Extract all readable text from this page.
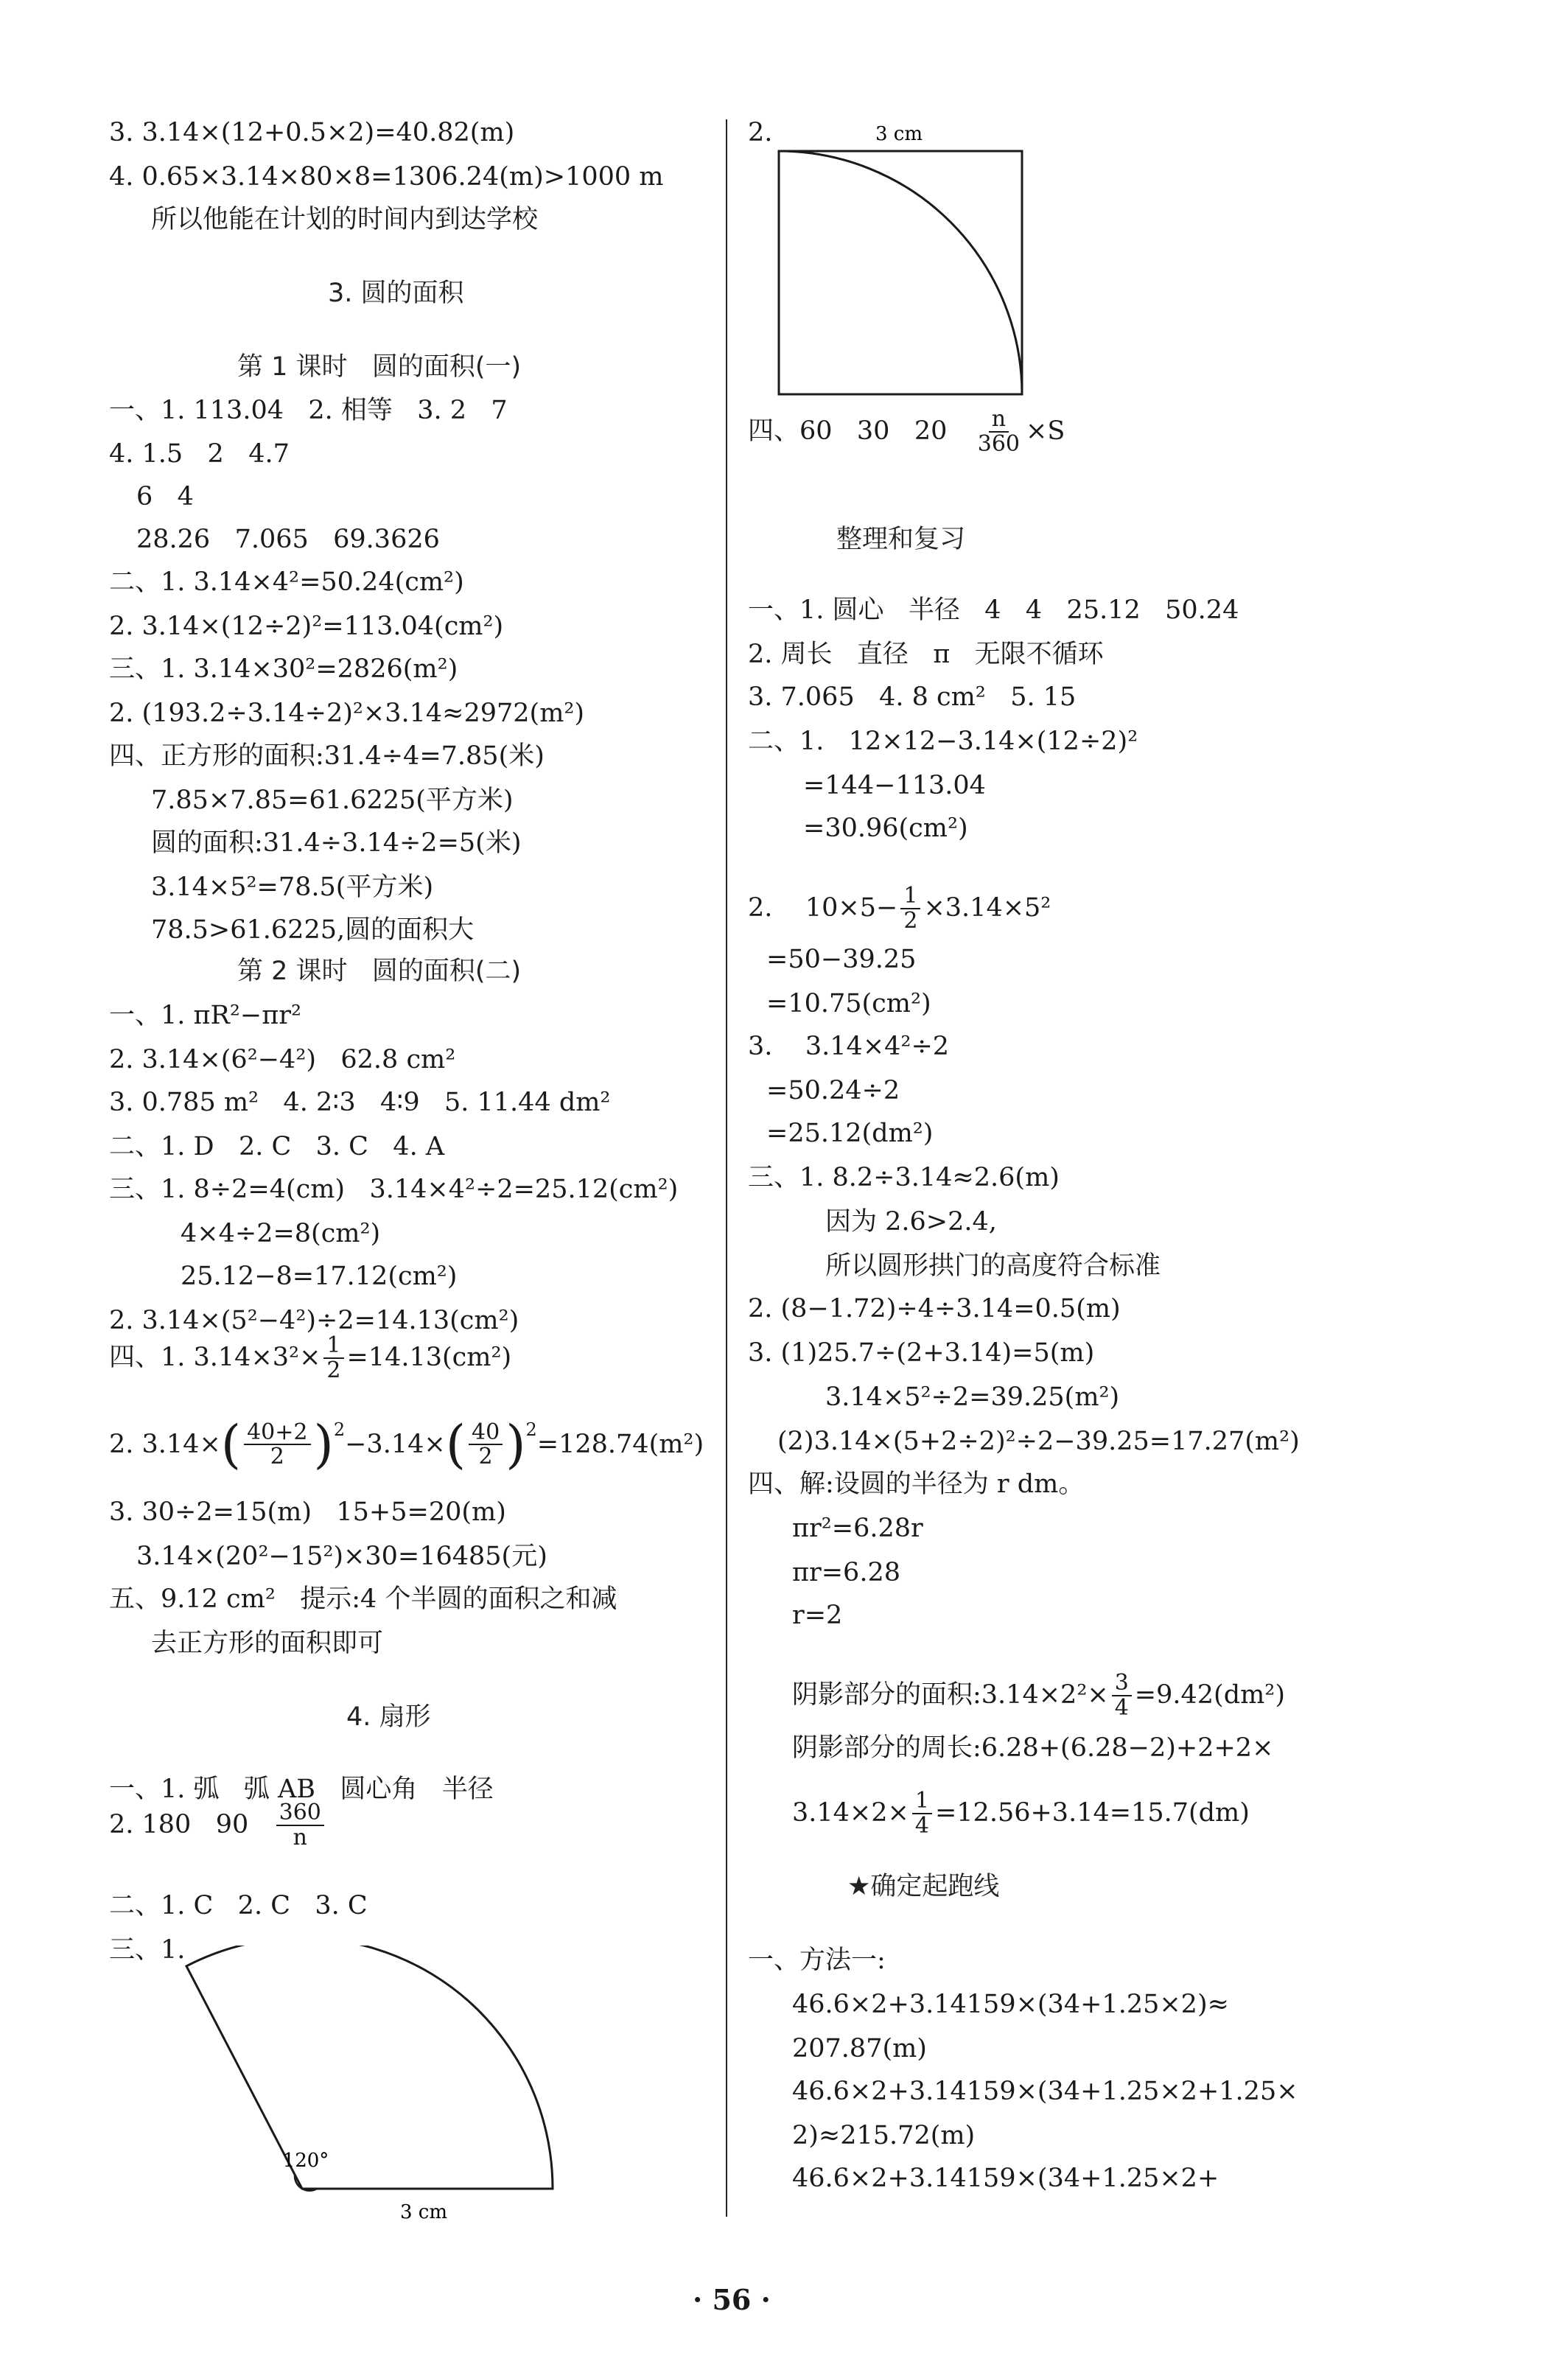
3 cm
120°
3 cm
· 56 ·
3. 3.14×(12+0.5×2)=40.82(m)
4. 0.65×3.14×80×8=1306.24(m)>1000 m
所以他能在计划的时间内到达学校
3. 圆的面积
第 1 课时   圆的面积(一)
一、1. 113.04   2. 相等   3. 2   7
4. 1.5   2   4.7
6   4
28.26   7.065   69.3626
二、1. 3.14×4²=50.24(cm²)
2. 3.14×(12÷2)²=113.04(cm²)
三、1. 3.14×30²=2826(m²)
2. (193.2÷3.14÷2)²×3.14≈2972(m²)
四、正方形的面积:31.4÷4=7.85(米)
7.85×7.85=61.6225(平方米)
圆的面积:31.4÷3.14÷2=5(米)
3.14×5²=78.5(平方米)
78.5>61.6225,圆的面积大
第 2 课时   圆的面积(二)
一、1. πR²−πr²
2. 3.14×(6²−4²)   62.8 cm²
3. 0.785 m²   4. 2∶3   4∶9   5. 11.44 dm²
二、1. D   2. C   3. C   4. A
三、1. 8÷2=4(cm)   3.14×4²÷2=25.12(cm²)
4×4÷2=8(cm²)
25.12−8=17.12(cm²)
2. 3.14×(5²−4²)÷2=14.13(cm²)
3. 30÷2=15(m)   15+5=20(m)
3.14×(20²−15²)×30=16485(元)
五、9.12 cm²   提示:4 个半圆的面积之和减
去正方形的面积即可
4. 扇形
一、1. 弧   弧 AB   圆心角   半径
二、1. C   2. C   3. C
三、1.
2.
整理和复习
一、1. 圆心   半径   4   4   25.12   50.24
2. 周长   直径   π   无限不循环
3. 7.065   4. 8 cm²   5. 15
二、1.   12×12−3.14×(12÷2)²
=144−113.04
=30.96(cm²)
=50−39.25
=10.75(cm²)
3.    3.14×4²÷2
=50.24÷2
=25.12(dm²)
三、1. 8.2÷3.14≈2.6(m)
因为 2.6>2.4,
所以圆形拱门的高度符合标准
2. (8−1.72)÷4÷3.14=0.5(m)
3. (1)25.7÷(2+3.14)=5(m)
3.14×5²÷2=39.25(m²)
(2)3.14×(5+2÷2)²÷2−39.25=17.27(m²)
四、解:设圆的半径为 r dm。
πr²=6.28r
πr=6.28
r=2
阴影部分的周长:6.28+(6.28−2)+2+2×
★确定起跑线
一、方法一:
46.6×2+3.14159×(34+1.25×2)≈
207.87(m)
46.6×2+3.14159×(34+1.25×2+1.25×
2)≈215.72(m)
46.6×2+3.14159×(34+1.25×2+
四、1. $3.14\times 3^2\times \frac{1}{2} =14.13(cm^2)$
2. 180   $90 \frac{360}{n}$
四、60   30   $20 \frac{n}{360} \times S$
2.    $10\times 5- \frac{1}{2} \times 3.14\times 5^2$
阴影部分的面积:3.14×2²× $\frac{3}{4} =9.42(dm^2)$
$3.14\times 2\times \frac{1}{4} =12.56+3.14=15.7(dm)$
2. 3.14× ( $\frac{40+2}{2}$ ) 2 −3.14× ( $\frac{40}{2}$ ) 2 =128.74(m²)
